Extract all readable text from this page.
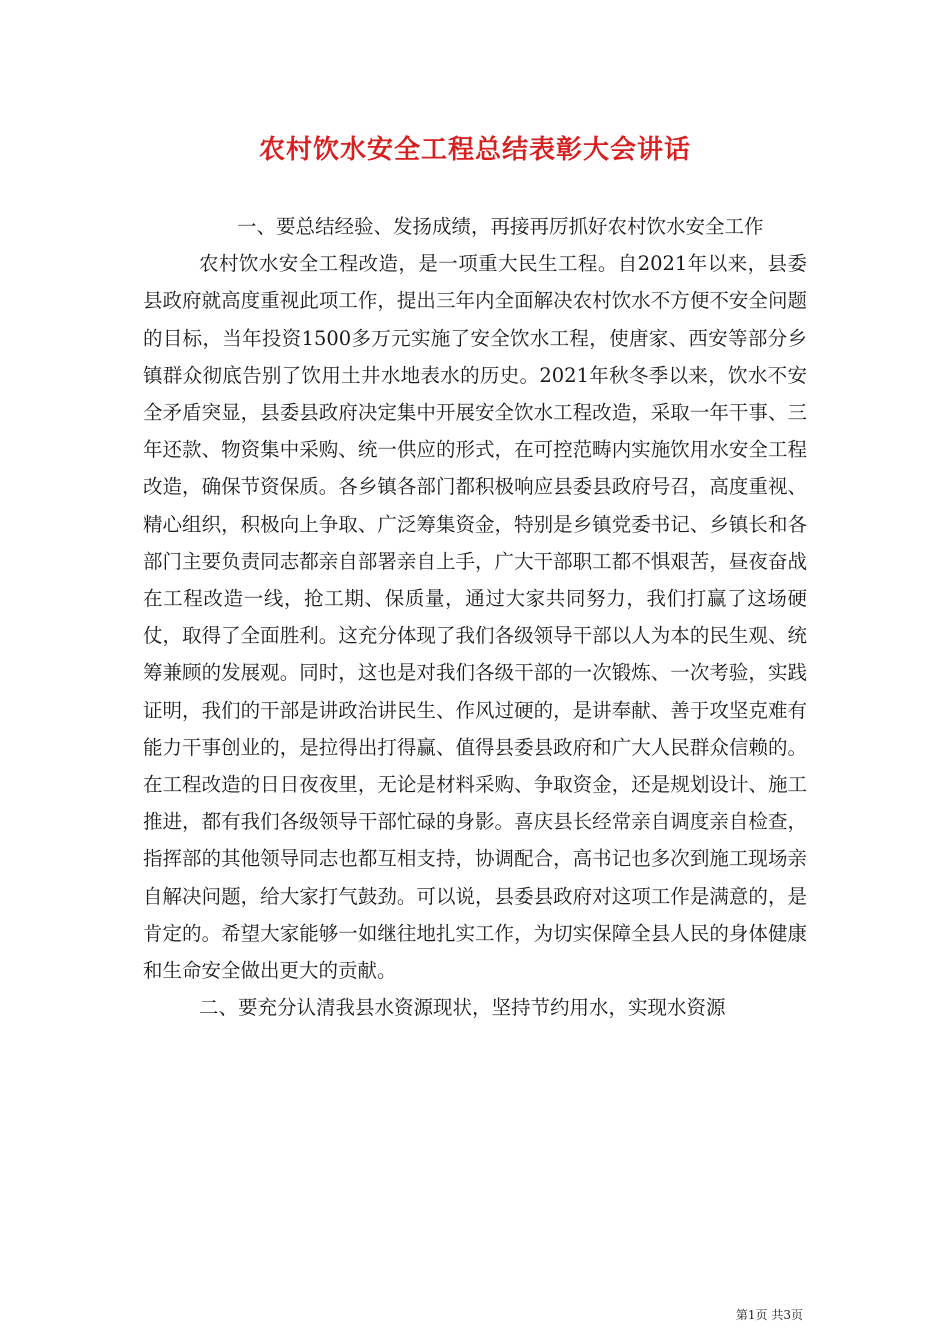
农村饮水安全工程总结表彰大会讲话

一、要总结经验、发扬成绩，再接再厉抓好农村饮水安全工作

农村饮水安全工程改造，是一项重大民生工程。自2021年以来，县委县政府就高度重视此项工作，提出三年内全面解决农村饮水不方便不安全问题的目标，当年投资1500多万元实施了安全饮水工程，使唐家、西安等部分乡镇群众彻底告别了饮用土井水地表水的历史。2021年秋冬季以来，饮水不安全矛盾突显，县委县政府决定集中开展安全饮水工程改造，采取一年干事、三年还款、物资集中采购、统一供应的形式，在可控范畴内实施饮用水安全工程改造，确保节资保质。各乡镇各部门都积极响应县委县政府号召，高度重视、精心组织，积极向上争取、广泛筹集资金，特别是乡镇党委书记、乡镇长和各部门主要负责同志都亲自部署亲自上手，广大干部职工都不惧艰苦，昼夜奋战在工程改造一线，抢工期、保质量，通过大家共同努力，我们打赢了这场硬仗，取得了全面胜利。这充分体现了我们各级领导干部以人为本的民生观、统筹兼顾的发展观。同时，这也是对我们各级干部的一次锻炼、一次考验，实践证明，我们的干部是讲政治讲民生、作风过硬的，是讲奉献、善于攻坚克难有能力干事创业的，是拉得出打得赢、值得县委县政府和广大人民群众信赖的。在工程改造的日日夜夜里，无论是材料采购、争取资金，还是规划设计、施工推进，都有我们各级领导干部忙碌的身影。喜庆县长经常亲自调度亲自检查，指挥部的其他领导同志也都互相支持，协调配合，高书记也多次到施工现场亲自解决问题，给大家打气鼓劲。可以说，县委县政府对这项工作是满意的，是肯定的。希望大家能够一如继往地扎实工作，为切实保障全县人民的身体健康和生命安全做出更大的贡献。

二、要充分认清我县水资源现状，坚持节约用水，实现水资源

第1页 共3页
